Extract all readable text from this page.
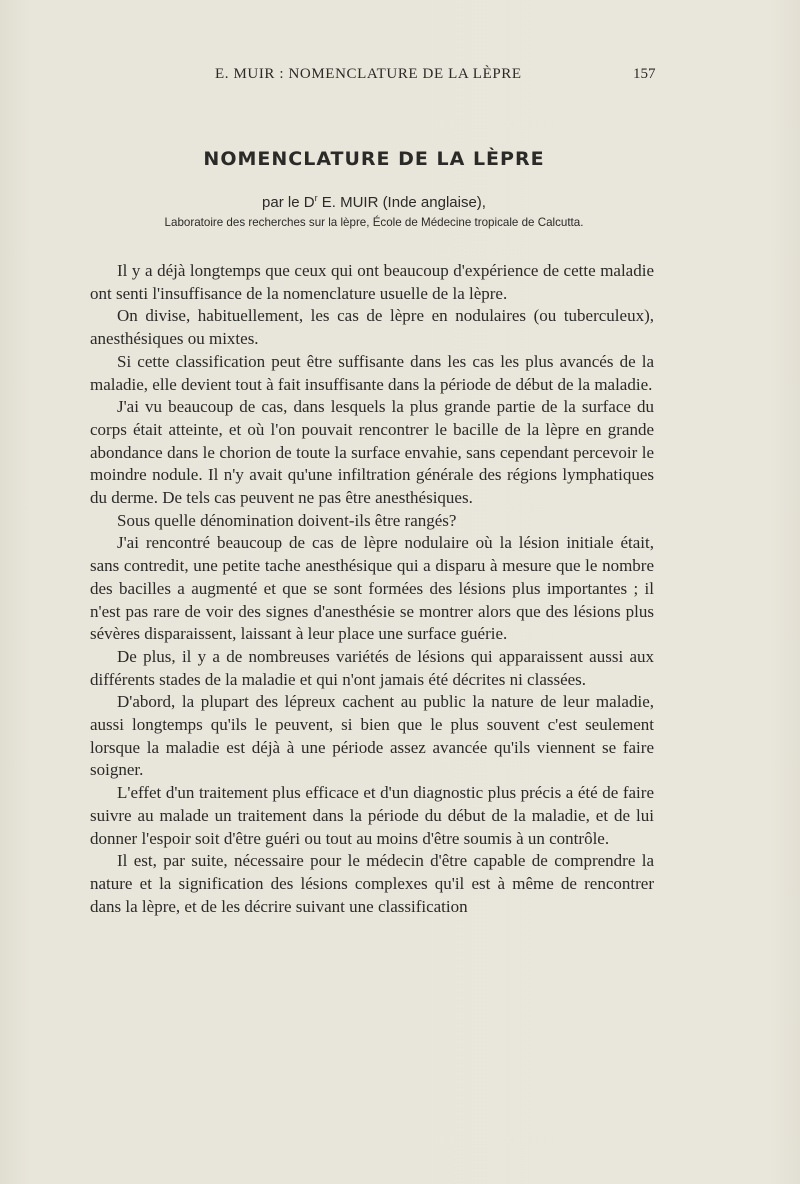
E. MUIR : NOMENCLATURE DE LA LÈPRE	157
NOMENCLATURE DE LA LÈPRE
par le $D^r$ E. MUIR (Inde anglaise),
Laboratoire des recherches sur la lèpre, École de Médecine tropicale de Calcutta.

Il y a déjà longtemps que ceux qui ont beaucoup d'expérience de cette maladie ont senti l'insuffisance de la nomenclature usuelle de la lèpre.

On divise, habituellement, les cas de lèpre en nodulaires (ou tuberculeux), anesthésiques ou mixtes.

Si cette classification peut être suffisante dans les cas les plus avancés de la maladie, elle devient tout à fait insuffisante dans la période de début de la maladie.

J'ai vu beaucoup de cas, dans lesquels la plus grande partie de la surface du corps était atteinte, et où l'on pouvait rencontrer le bacille de la lèpre en grande abondance dans le chorion de toute la surface envahie, sans cependant percevoir le moindre nodule. Il n'y avait qu'une infiltration générale des régions lymphatiques du derme. De tels cas peuvent ne pas être anesthésiques.

Sous quelle dénomination doivent-ils être rangés?

J'ai rencontré beaucoup de cas de lèpre nodulaire où la lésion initiale était, sans contredit, une petite tache anesthésique qui a disparu à mesure que le nombre des bacilles a augmenté et que se sont formées des lésions plus importantes ; il n'est pas rare de voir des signes d'anesthésie se montrer alors que des lésions plus sévères disparaissent, laissant à leur place une surface guérie.

De plus, il y a de nombreuses variétés de lésions qui apparaissent aussi aux différents stades de la maladie et qui n'ont jamais été décrites ni classées.

D'abord, la plupart des lépreux cachent au public la nature de leur maladie, aussi longtemps qu'ils le peuvent, si bien que le plus souvent c'est seulement lorsque la maladie est déjà à une période assez avancée qu'ils viennent se faire soigner.

L'effet d'un traitement plus efficace et d'un diagnostic plus précis a été de faire suivre au malade un traitement dans la période du début de la maladie, et de lui donner l'espoir soit d'être guéri ou tout au moins d'être soumis à un contrôle.

Il est, par suite, nécessaire pour le médecin d'être capable de comprendre la nature et la signification des lésions complexes qu'il est à même de rencontrer dans la lèpre, et de les décrire suivant une classification
